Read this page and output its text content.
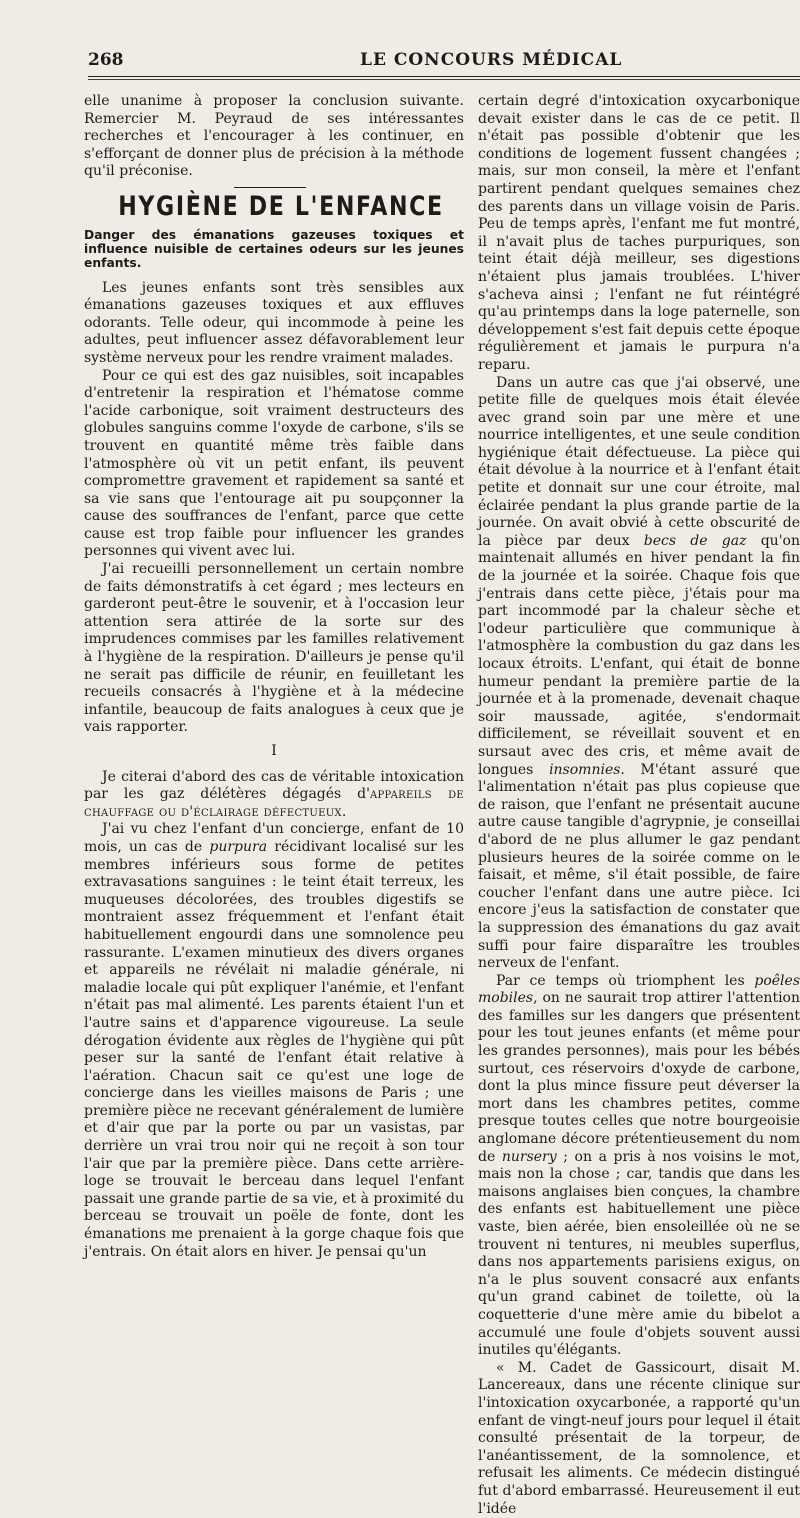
268	LE CONCOURS MÉDICAL

elle unanime à proposer la conclusion suivante. Remercier M. Peyraud de ses intéressantes recherches et l'encourager à les continuer, en s'efforçant de donner plus de précision à la méthode qu'il préconise.

HYGIÈNE DE L'ENFANCE
Danger des émanations gazeuses toxiques et influence nuisible de certaines odeurs sur les jeunes enfants.

Les jeunes enfants sont très sensibles aux émanations gazeuses toxiques et aux effluves odorants. Telle odeur, qui incommode à peine les adultes, peut influencer assez défavorablement leur système nerveux pour les rendre vraiment malades.

Pour ce qui est des gaz nuisibles, soit incapables d'entretenir la respiration et l'hématose comme l'acide carbonique, soit vraiment destructeurs des globules sanguins comme l'oxyde de carbone, s'ils se trouvent en quantité même très faible dans l'atmosphère où vit un petit enfant, ils peuvent compromettre gravement et rapidement sa santé et sa vie sans que l'entourage ait pu soupçonner la cause des souffrances de l'enfant, parce que cette cause est trop faible pour influencer les grandes personnes qui vivent avec lui.

J'ai recueilli personnellement un certain nombre de faits démonstratifs à cet égard ; mes lecteurs en garderont peut-être le souvenir, et à l'occasion leur attention sera attirée de la sorte sur des imprudences commises par les familles relativement à l'hygiène de la respiration. D'ailleurs je pense qu'il ne serait pas difficile de réunir, en feuilletant les recueils consacrés à l'hygiène et à la médecine infantile, beaucoup de faits analogues à ceux que je vais rapporter.

I

Je citerai d'abord des cas de véritable intoxication par les gaz délétères dégagés d'appareils de chauffage ou d'éclairage défectueux.

J'ai vu chez l'enfant d'un concierge, enfant de 10 mois, un cas de purpura récidivant localisé sur les membres inférieurs sous forme de petites extravasations sanguines : le teint était terreux, les muqueuses décolorées, des troubles digestifs se montraient assez fréquemment et l'enfant était habituellement engourdi dans une somnolence peu rassurante. L'examen minutieux des divers organes et appareils ne révélait ni maladie générale, ni maladie locale qui pût expliquer l'anémie, et l'enfant n'était pas mal alimenté. Les parents étaient l'un et l'autre sains et d'apparence vigoureuse. La seule dérogation évidente aux règles de l'hygiène qui pût peser sur la santé de l'enfant était relative à l'aération. Chacun sait ce qu'est une loge de concierge dans les vieilles maisons de Paris ; une première pièce ne recevant généralement de lumière et d'air que par la porte ou par un vasistas, par derrière un vrai trou noir qui ne reçoit à son tour l'air que par la première pièce. Dans cette arrière-loge se trouvait le berceau dans lequel l'enfant passait une grande partie de sa vie, et à proximité du berceau se trouvait un poële de fonte, dont les émanations me prenaient à la gorge chaque fois que j'entrais. On était alors en hiver. Je pensai qu'un

certain degré d'intoxication oxycarbonique devait exister dans le cas de ce petit. Il n'était pas possible d'obtenir que les conditions de logement fussent changées ; mais, sur mon conseil, la mère et l'enfant partirent pendant quelques semaines chez des parents dans un village voisin de Paris. Peu de temps après, l'enfant me fut montré, il n'avait plus de taches purpuriques, son teint était déjà meilleur, ses digestions n'étaient plus jamais troublées. L'hiver s'acheva ainsi ; l'enfant ne fut réintégré qu'au printemps dans la loge paternelle, son développement s'est fait depuis cette époque régulièrement et jamais le purpura n'a reparu.

Dans un autre cas que j'ai observé, une petite fille de quelques mois était élevée avec grand soin par une mère et une nourrice intelligentes, et une seule condition hygiénique était défectueuse. La pièce qui était dévolue à la nourrice et à l'enfant était petite et donnait sur une cour étroite, mal éclairée pendant la plus grande partie de la journée. On avait obvié à cette obscurité de la pièce par deux becs de gaz qu'on maintenait allumés en hiver pendant la fin de la journée et la soirée. Chaque fois que j'entrais dans cette pièce, j'étais pour ma part incommodé par la chaleur sèche et l'odeur particulière que communique à l'atmosphère la combustion du gaz dans les locaux étroits. L'enfant, qui était de bonne humeur pendant la première partie de la journée et à la promenade, devenait chaque soir maussade, agitée, s'endormait difficilement, se réveillait souvent et en sursaut avec des cris, et même avait de longues insomnies. M'étant assuré que l'alimentation n'était pas plus copieuse que de raison, que l'enfant ne présentait aucune autre cause tangible d'agrypnie, je conseillai d'abord de ne plus allumer le gaz pendant plusieurs heures de la soirée comme on le faisait, et même, s'il était possible, de faire coucher l'enfant dans une autre pièce. Ici encore j'eus la satisfaction de constater que la suppression des émanations du gaz avait suffi pour faire disparaître les troubles nerveux de l'enfant.

Par ce temps où triomphent les poêles mobiles, on ne saurait trop attirer l'attention des familles sur les dangers que présentent pour les tout jeunes enfants (et même pour les grandes personnes), mais pour les bébés surtout, ces réservoirs d'oxyde de carbone, dont la plus mince fissure peut déverser la mort dans les chambres petites, comme presque toutes celles que notre bourgeoisie anglomane décore prétentieusement du nom de nursery ; on a pris à nos voisins le mot, mais non la chose ; car, tandis que dans les maisons anglaises bien conçues, la chambre des enfants est habituellement une pièce vaste, bien aérée, bien ensoleillée où ne se trouvent ni tentures, ni meubles superflus, dans nos appartements parisiens exigus, on n'a le plus souvent consacré aux enfants qu'un grand cabinet de toilette, où la coquetterie d'une mère amie du bibelot a accumulé une foule d'objets souvent aussi inutiles qu'élégants.

« M. Cadet de Gassicourt, disait M. Lancereaux, dans une récente clinique sur l'intoxication oxycarbonée, a rapporté qu'un enfant de vingt-neuf jours pour lequel il était consulté présentait de la torpeur, de l'anéantissement, de la somnolence, et refusait les aliments. Ce médecin distingué fut d'abord embarrassé. Heureusement il eut l'idée
